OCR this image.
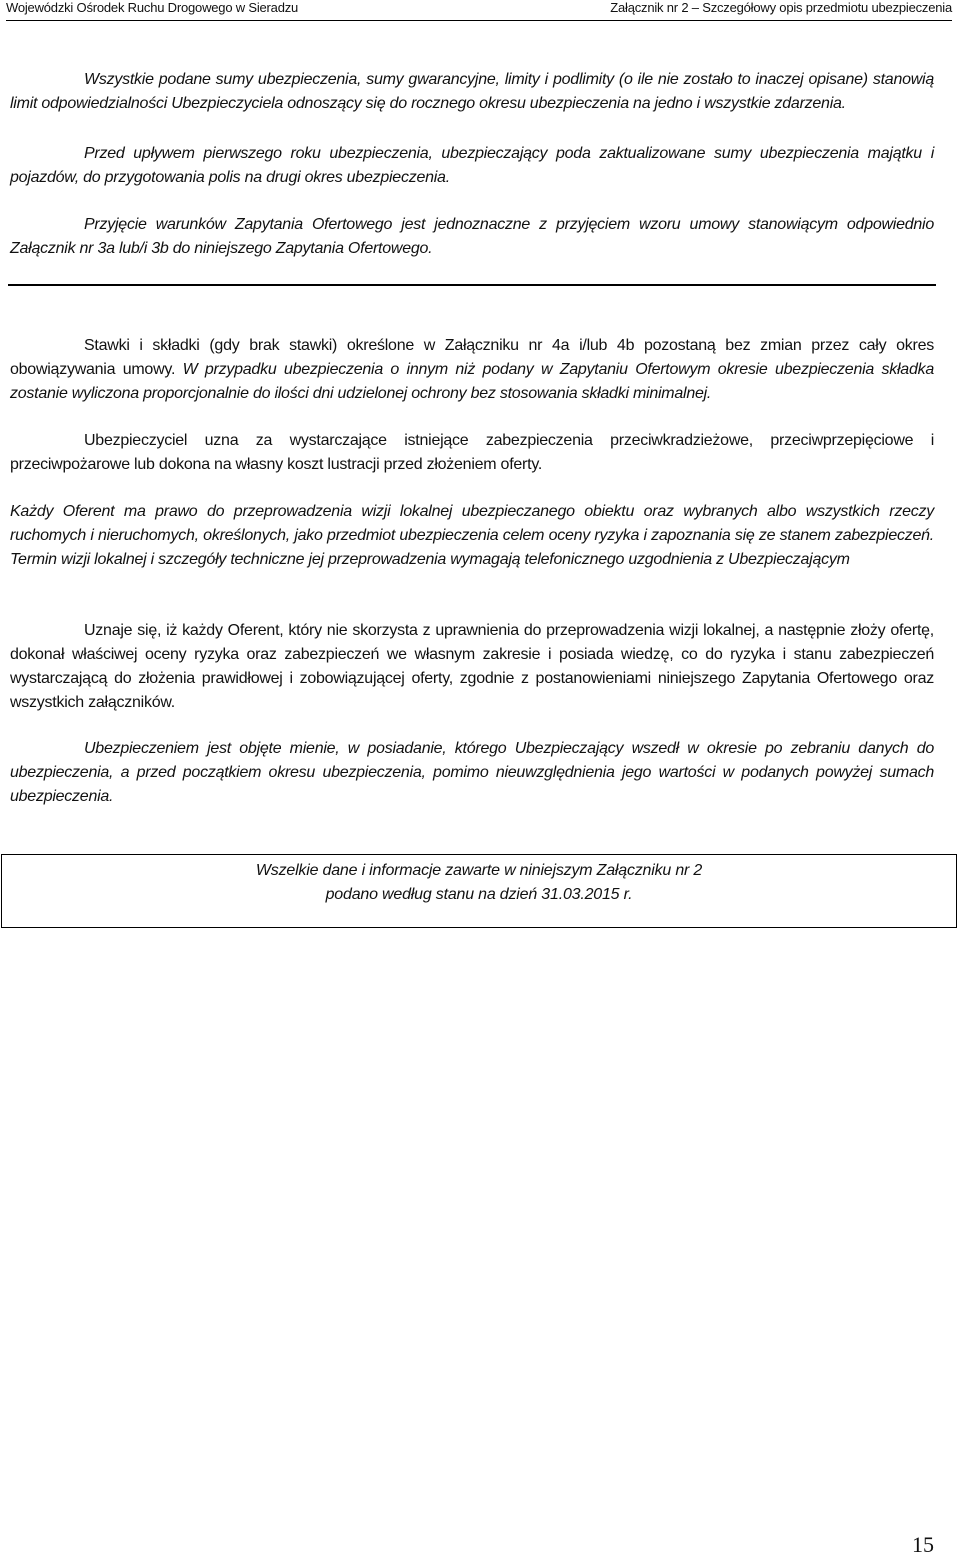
Wojewódzki Ośrodek Ruchu Drogowego w Sieradzu	Załącznik nr 2 – Szczegółowy opis przedmiotu ubezpieczenia

Wszystkie podane sumy ubezpieczenia, sumy gwarancyjne, limity i podlimity (o ile nie zostało to inaczej opisane) stanowią limit odpowiedzialności Ubezpieczyciela odnoszący się do rocznego okresu ubezpieczenia na jedno i wszystkie zdarzenia.

Przed upływem pierwszego roku ubezpieczenia, ubezpieczający poda zaktualizowane sumy ubezpieczenia majątku i pojazdów, do przygotowania polis na drugi okres ubezpieczenia.

Przyjęcie warunków Zapytania Ofertowego jest jednoznaczne z przyjęciem wzoru umowy stanowiącym odpowiednio Załącznik nr 3a lub/i 3b do niniejszego Zapytania Ofertowego.

Stawki i składki (gdy brak stawki) określone w Załączniku nr 4a i/lub 4b pozostaną bez zmian przez cały okres obowiązywania umowy. W przypadku ubezpieczenia o innym niż podany w Zapytaniu Ofertowym okresie ubezpieczenia składka zostanie wyliczona proporcjonalnie do ilości dni udzielonej ochrony bez stosowania składki minimalnej.

Ubezpieczyciel uzna za wystarczające istniejące zabezpieczenia przeciwkradzieżowe, przeciwprzepięciowe i przeciwpożarowe lub dokona na własny koszt lustracji przed złożeniem oferty.

Każdy Oferent ma prawo do przeprowadzenia wizji lokalnej ubezpieczanego obiektu oraz wybranych albo wszystkich rzeczy ruchomych i nieruchomych, określonych, jako przedmiot ubezpieczenia celem oceny ryzyka i zapoznania się ze stanem zabezpieczeń. Termin wizji lokalnej i szczegóły techniczne jej przeprowadzenia wymagają telefonicznego uzgodnienia z Ubezpieczającym

Uznaje się, iż każdy Oferent, który nie skorzysta z uprawnienia do przeprowadzenia wizji lokalnej, a następnie złoży ofertę, dokonał właściwej oceny ryzyka oraz zabezpieczeń we własnym zakresie i posiada wiedzę, co do ryzyka i stanu zabezpieczeń wystarczającą do złożenia prawidłowej i zobowiązującej oferty, zgodnie z postanowieniami niniejszego Zapytania Ofertowego oraz wszystkich załączników.

Ubezpieczeniem jest objęte mienie, w posiadanie, którego Ubezpieczający wszedł w okresie po zebraniu danych do ubezpieczenia, a przed początkiem okresu ubezpieczenia, pomimo nieuwzględnienia jego wartości w podanych powyżej sumach ubezpieczenia.

Wszelkie dane i informacje zawarte w niniejszym Załączniku nr 2
podano według stanu na dzień 31.03.2015 r.
15
